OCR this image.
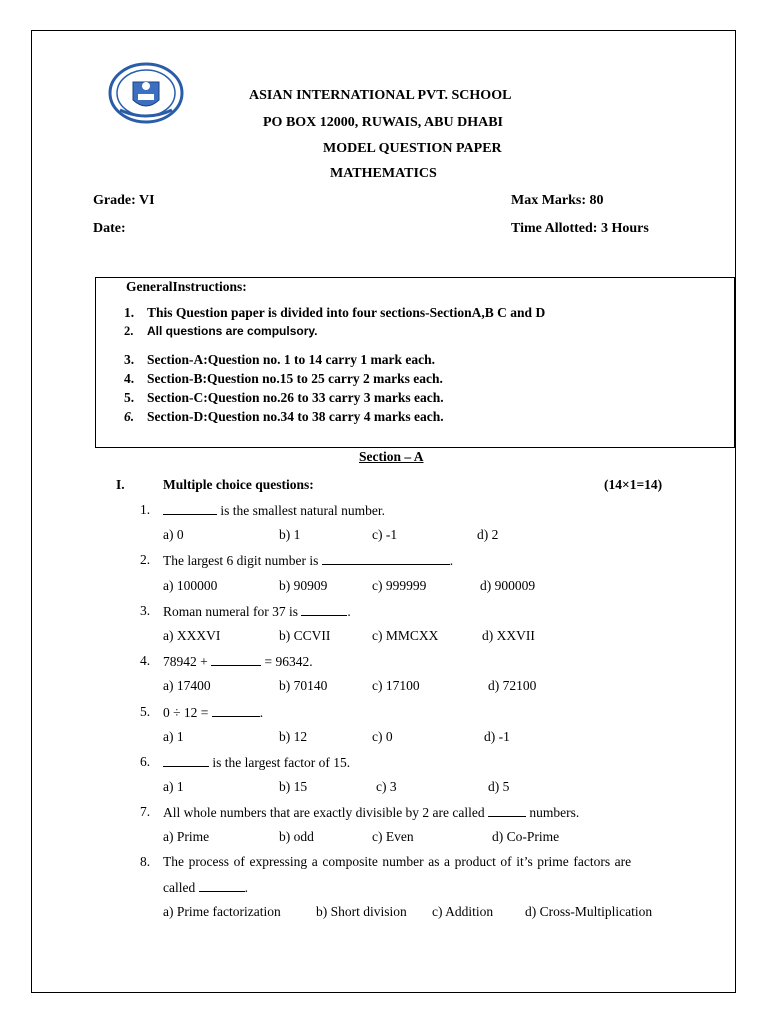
ASIAN INTERNATIONAL PVT. SCHOOL
PO BOX 12000, RUWAIS, ABU DHABI
MODEL QUESTION PAPER
MATHEMATICS
Grade: VI
Date:
Max Marks: 80
Time Allotted: 3 Hours
GeneralInstructions:
1. This Question paper is divided into four sections-SectionA,B C and D
2. All questions are compulsory.
3. Section-A:Question no. 1 to 14 carry 1 mark each.
4. Section-B:Question no.15 to 25 carry 2 marks each.
5. Section-C:Question no.26 to 33 carry 3 marks each.
6. Section-D:Question no.34 to 38 carry 4 marks each.
Section – A
I.	Multiple choice questions:	(14×1=14)
1.	is the smallest natural number.
a) 0	b) 1	c) -1	d) 2
2. The largest 6 digit number is	.
a) 100000	b) 90909	c) 999999	d) 900009
3. Roman numeral for 37 is	.
a) XXXVI	b) CCVII	c) MMCXX	d) XXVII
4. 78942 +	= 96342.
a) 17400	b) 70140	c) 17100	d) 72100
5. 0 ÷ 12 =	.
a) 1	b) 12	c) 0	d) -1
6.	is the largest factor of 15.
a) 1	b) 15	c) 3	d) 5
7. All whole numbers that are exactly divisible by 2 are called	numbers.
a) Prime	b) odd	c) Even	d) Co-Prime
8. The process of expressing a composite number as a product of it’s prime factors are
called	.
a) Prime factorization	b) Short division c) Addition d) Cross-Multiplication
